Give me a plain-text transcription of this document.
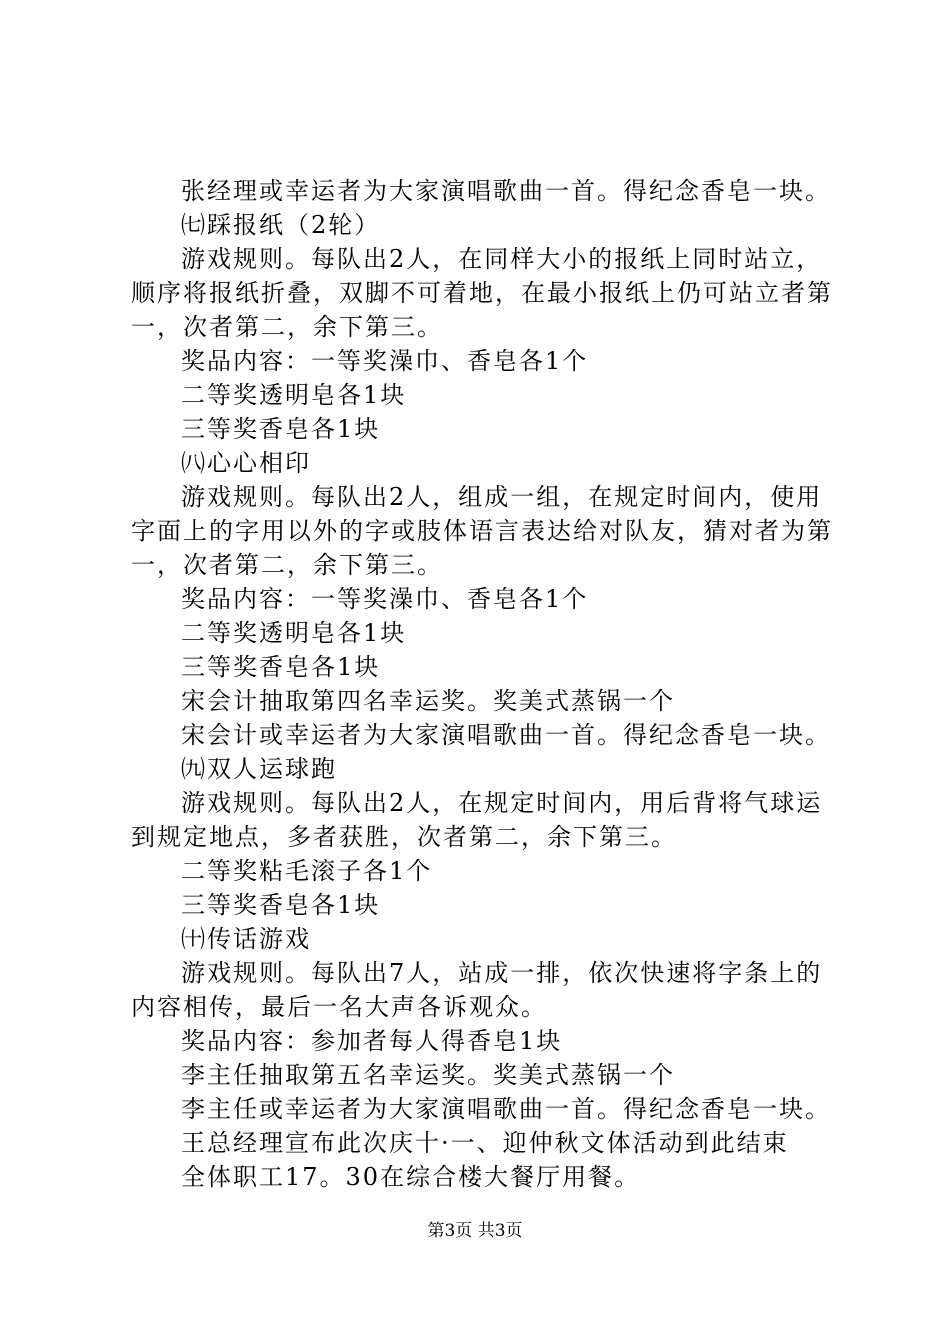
张经理或幸运者为大家演唱歌曲一首。得纪念香皂一块。
㈦踩报纸（2轮）
游戏规则。每队出2人，在同样大小的报纸上同时站立，
顺序将报纸折叠，双脚不可着地，在最小报纸上仍可站立者第
一，次者第二，余下第三。
奖品内容：一等奖澡巾、香皂各1个
二等奖透明皂各1块
三等奖香皂各1块
㈧心心相印
游戏规则。每队出2人，组成一组，在规定时间内，使用
字面上的字用以外的字或肢体语言表达给对队友，猜对者为第
一，次者第二，余下第三。
奖品内容：一等奖澡巾、香皂各1个
二等奖透明皂各1块
三等奖香皂各1块
宋会计抽取第四名幸运奖。奖美式蒸锅一个
宋会计或幸运者为大家演唱歌曲一首。得纪念香皂一块。
㈨双人运球跑
游戏规则。每队出2人，在规定时间内，用后背将气球运
到规定地点，多者获胜，次者第二，余下第三。
二等奖粘毛滚子各1个
三等奖香皂各1块
㈩传话游戏
游戏规则。每队出7人，站成一排，依次快速将字条上的
内容相传，最后一名大声各诉观众。
奖品内容：参加者每人得香皂1块
李主任抽取第五名幸运奖。奖美式蒸锅一个
李主任或幸运者为大家演唱歌曲一首。得纪念香皂一块。
王总经理宣布此次庆十·一、迎仲秋文体活动到此结束
全体职工17。30在综合楼大餐厅用餐。
第3页 共3页
